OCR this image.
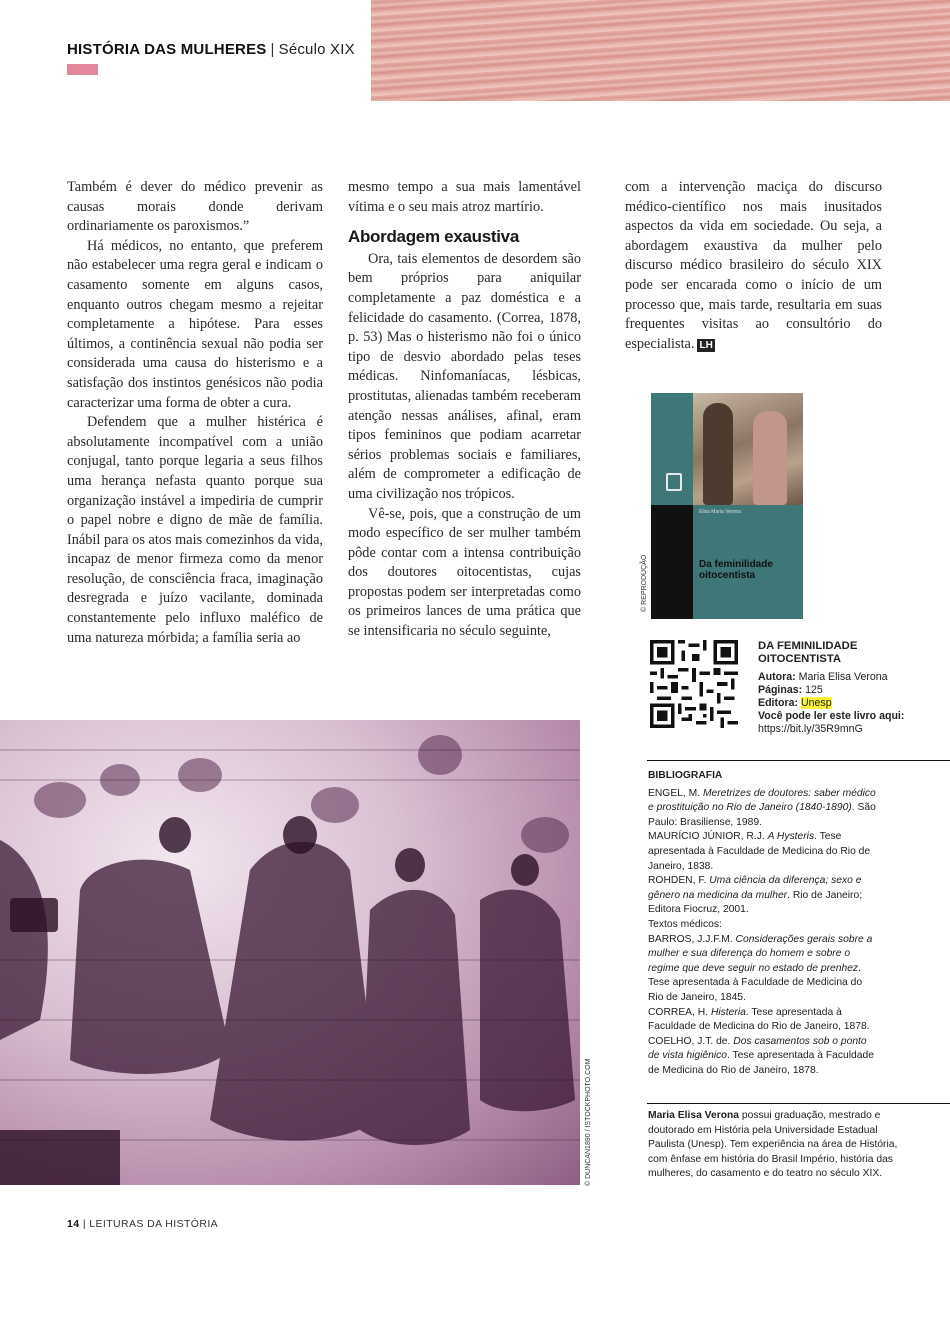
HISTÓRIA DAS MULHERES | Século XIX

Também é dever do médico prevenir as causas morais donde derivam ordinariamente os paroxismos.”

Há médicos, no entanto, que preferem não estabelecer uma regra geral e indicam o casamento somente em alguns casos, enquanto outros chegam mesmo a rejeitar completamente a hipótese. Para esses últimos, a continência sexual não podia ser considerada uma causa do histerismo e a satisfação dos instintos genésicos não podia caracterizar uma forma de obter a cura.

Defendem que a mulher histérica é absolutamente incompatível com a união conjugal, tanto porque legaria a seus filhos uma herança nefasta quanto porque sua organização instável a impediria de cumprir o papel nobre e digno de mãe de família. Inábil para os atos mais comezinhos da vida, incapaz de menor firmeza como da menor resolução, de consciência fraca, imaginação desregrada e juízo vacilante, dominada constantemente pelo influxo maléfico de uma natureza mórbida; a família seria ao

mesmo tempo a sua mais lamentável vítima e o seu mais atroz martírio.

Abordagem exaustiva

Ora, tais elementos de desordem são bem próprios para aniquilar completamente a paz doméstica e a felicidade do casamento. (Correa, 1878, p. 53) Mas o histerismo não foi o único tipo de desvio abordado pelas teses médicas. Ninfomaníacas, lésbicas, prostitutas, alienadas também receberam atenção nessas análises, afinal, eram tipos femininos que podiam acarretar sérios problemas sociais e familiares, além de comprometer a edificação de uma civilização nos trópicos.

Vê-se, pois, que a construção de um modo específico de ser mulher também pôde contar com a intensa contribuição dos doutores oitocentistas, cujas propostas podem ser interpretadas como os primeiros lances de uma prática que se intensificaria no século seguinte,

com a intervenção maciça do discurso médico-científico nos mais inusitados aspectos da vida em sociedade. Ou seja, a abordagem exaustiva da mulher pelo discurso médico brasileiro do século XIX pode ser encarada como o início de um processo que, mais tarde, resultaria em suas frequentes visitas ao consultório do especialista. LH

© REPRODUÇÃO
Elisa Maria Verona
Da feminilidade
oitocentista
DA FEMINILIDADE
OITOCENTISTA
Autora: Maria Elisa Verona
Páginas: 125
Editora: Unesp
Você pode ler este livro aqui:
https://bit.ly/35R9mnG
BIBLIOGRAFIA

ENGEL, M. Meretrizes de doutores: saber médico e prostituição no Rio de Janeiro (1840-1890). São Paulo: Brasiliense, 1989.

MAURÍCIO JÚNIOR, R.J. A Hysteris. Tese apresentada à Faculdade de Medicina do Rio de Janeiro, 1838.

ROHDEN, F. Uma ciência da diferença; sexo e gênero na medicina da mulher. Rio de Janeiro; Editora Fiocruz, 2001.

Textos médicos:

BARROS, J.J.F.M. Considerações gerais sobre a mulher e sua diferença do homem e sobre o regime que deve seguir no estado de prenhez. Tese apresentada à Faculdade de Medicina do Rio de Janeiro, 1845.

CORREA, H. Histeria. Tese apresentada à Faculdade de Medicina do Rio de Janeiro, 1878.

COELHO, J.T. de. Dos casamentos sob o ponto de vista higiênico. Tese apresentada à Faculdade de Medicina do Rio de Janeiro, 1878.

Maria Elisa Verona possui graduação, mestrado e doutorado em História pela Universidade Estadual Paulista (Unesp). Tem experiência na área de História, com ênfase em história do Brasil Império, história das mulheres, do casamento e do teatro no século XIX.
© DUNCAN1890 / ISTOCKPHOTO.COM
14 | LEITURAS DA HISTÓRIA
